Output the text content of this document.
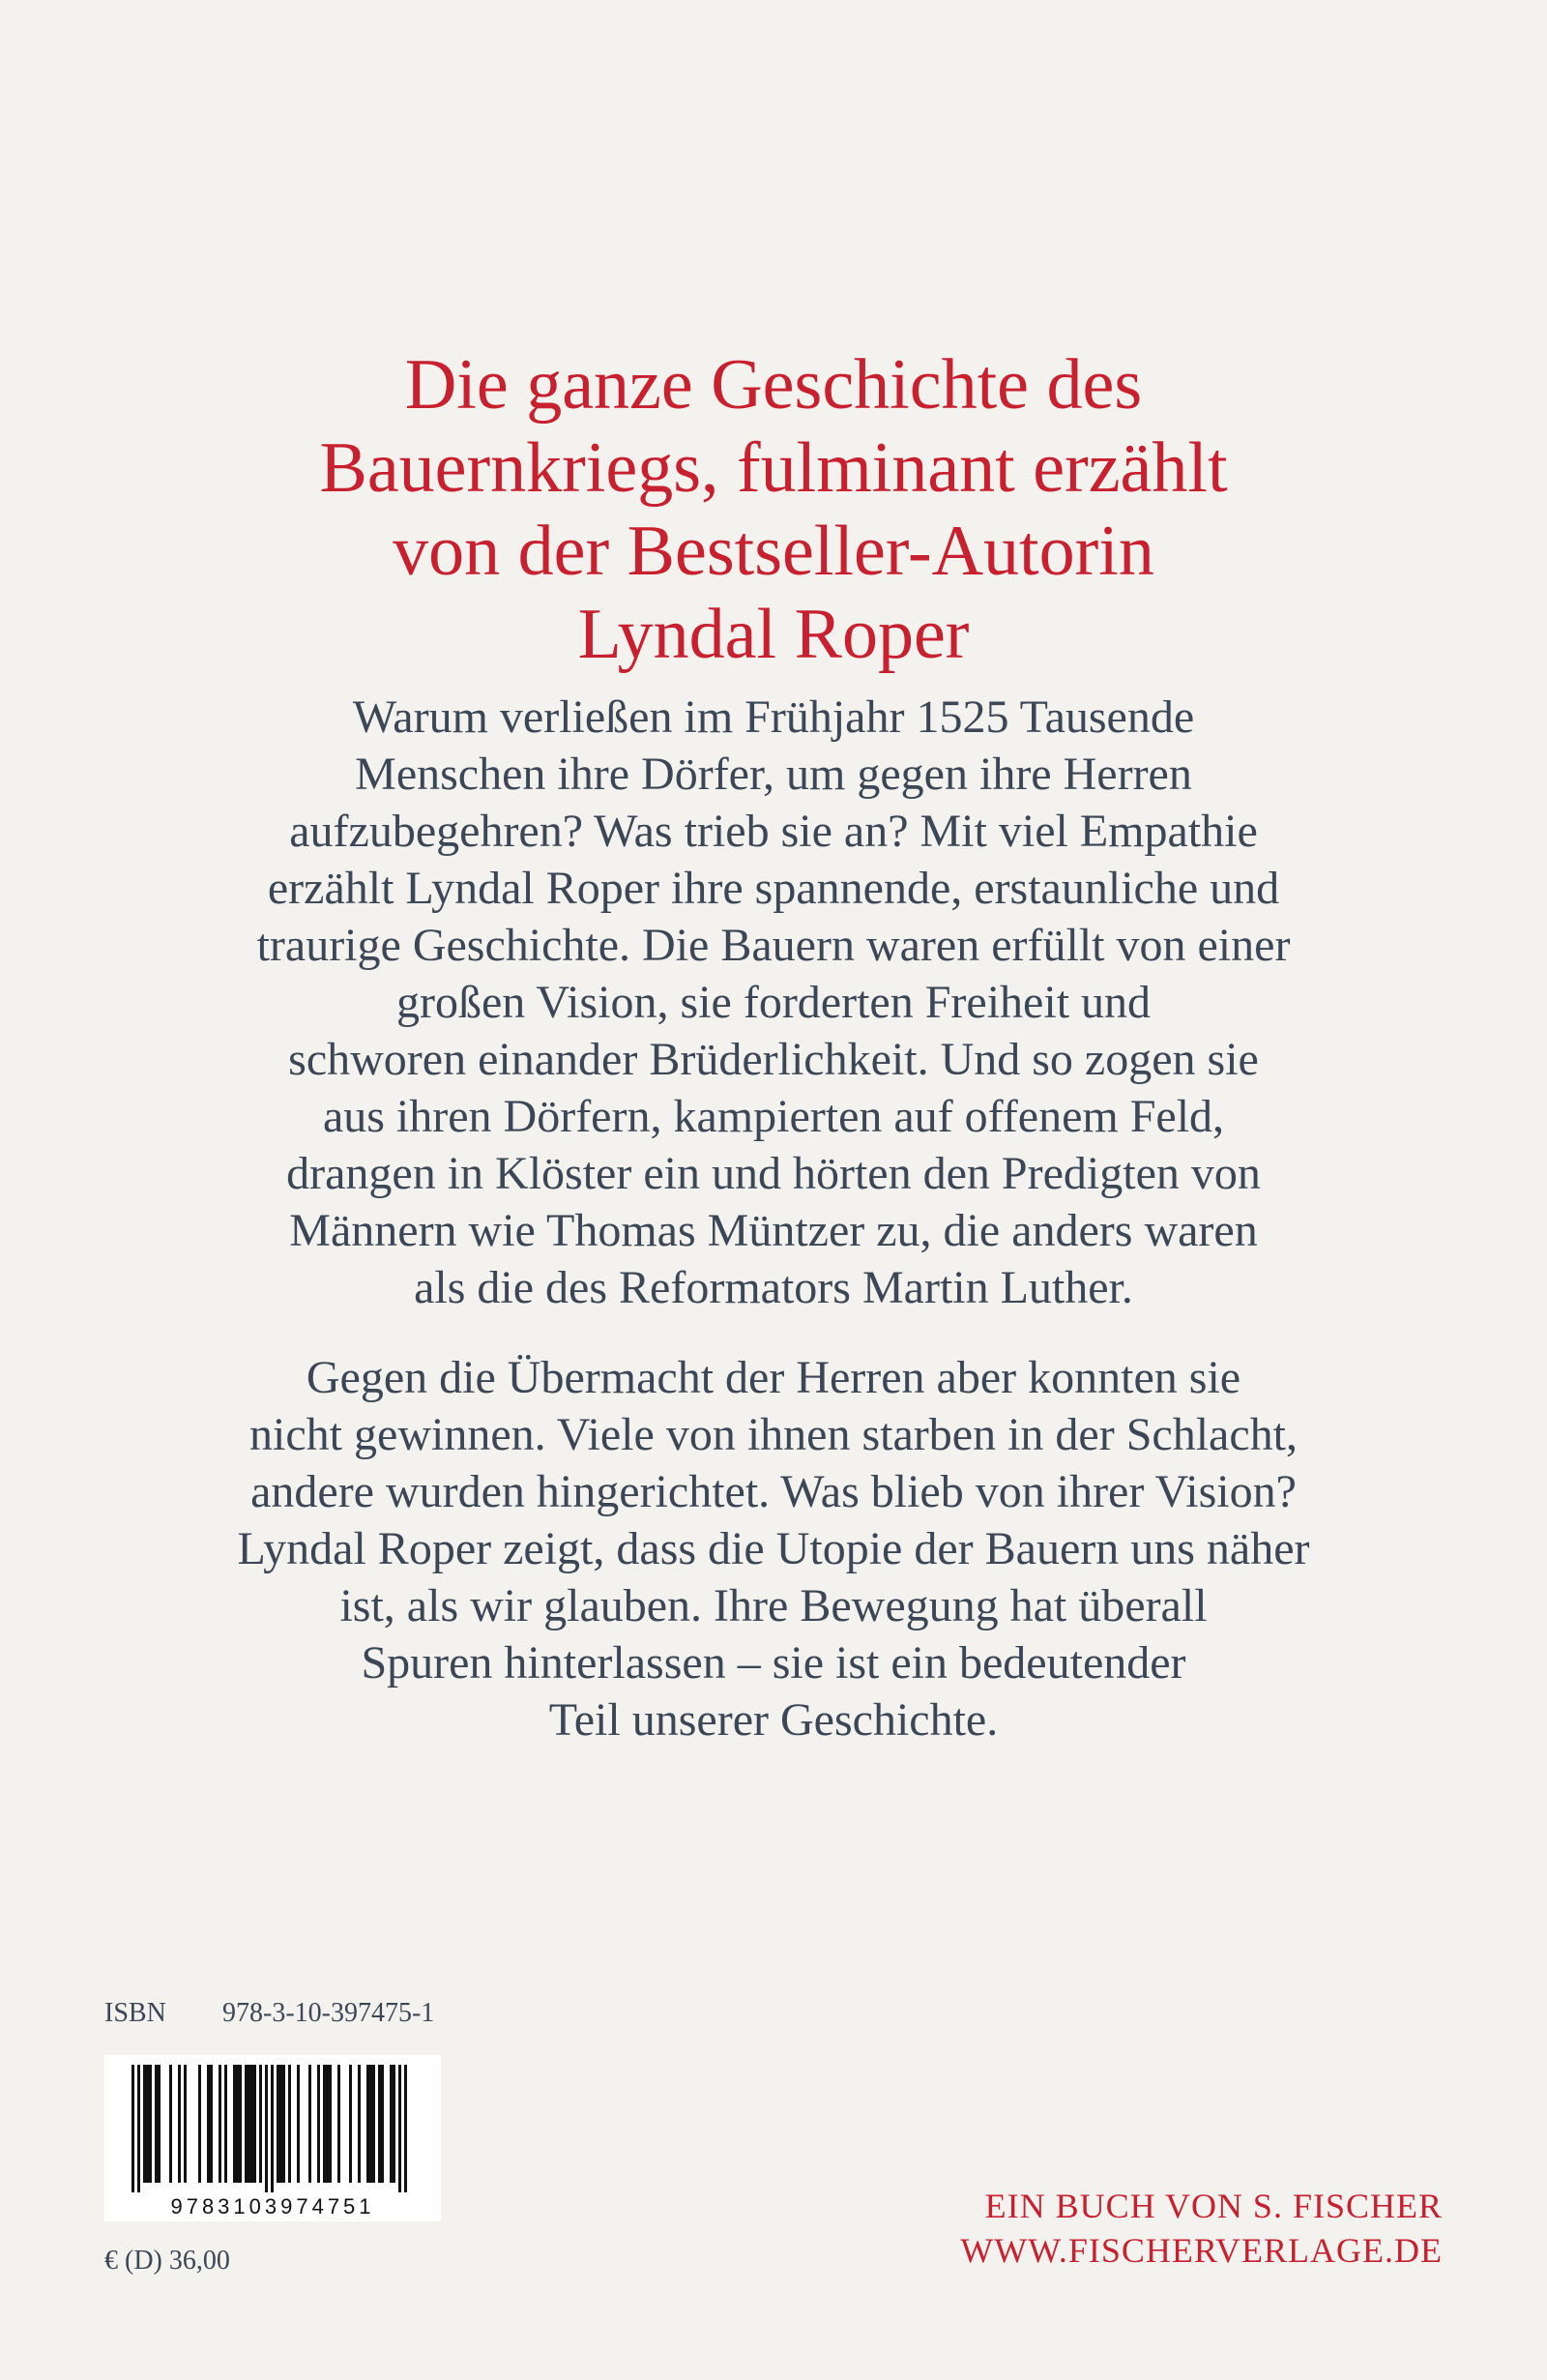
Die ganze Geschichte des
Bauernkriegs, fulminant erzählt
von der Bestseller-Autorin
Lyndal Roper
Warum verließen im Frühjahr 1525 Tausende
Menschen ihre Dörfer, um gegen ihre Herren
aufzubegehren? Was trieb sie an? Mit viel Empathie
erzählt Lyndal Roper ihre spannende, erstaunliche und
traurige Geschichte. Die Bauern waren erfüllt von einer
großen Vision, sie forderten Freiheit und
schworen einander Brüderlichkeit. Und so zogen sie
aus ihren Dörfern, kampierten auf offenem Feld,
drangen in Klöster ein und hörten den Predigten von
Männern wie Thomas Müntzer zu, die anders waren
als die des Reformators Martin Luther.
Gegen die Übermacht der Herren aber konnten sie
nicht gewinnen. Viele von ihnen starben in der Schlacht,
andere wurden hingerichtet. Was blieb von ihrer Vision?
Lyndal Roper zeigt, dass die Utopie der Bauern uns näher
ist, als wir glauben. Ihre Bewegung hat überall
Spuren hinterlassen – sie ist ein bedeutender
Teil unserer Geschichte.
ISBN 978-3-10-397475-1
9783103974751
€ (D) 36,00
EIN BUCH VON S. FISCHER
WWW.FISCHERVERLAGE.DE
